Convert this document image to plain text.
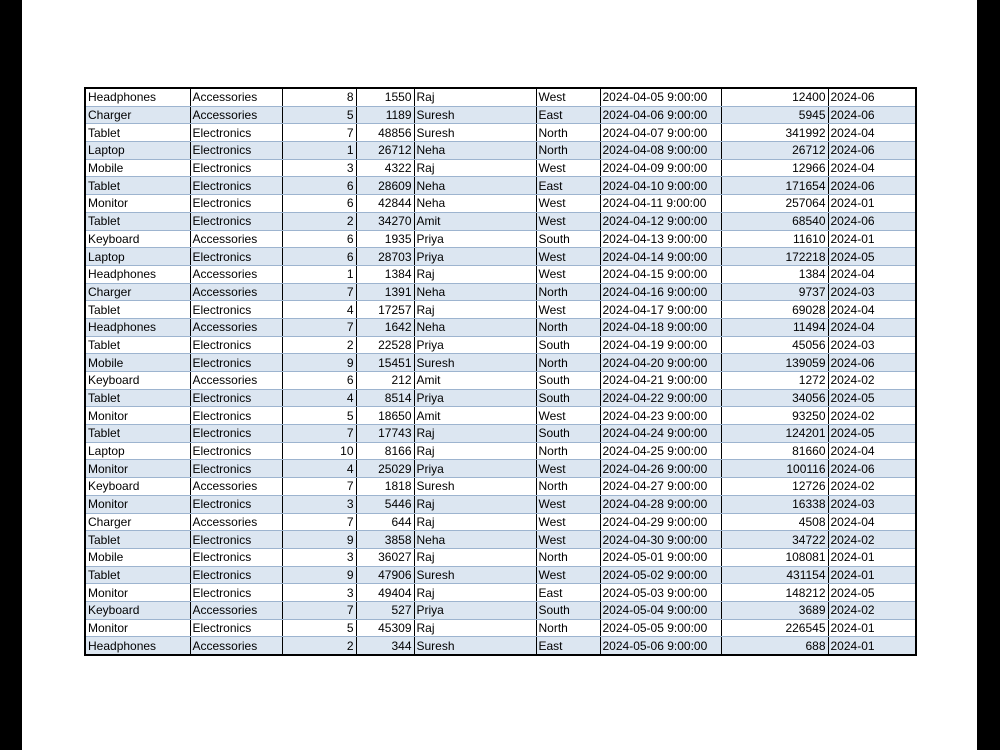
Headphones	Accessories	8	1550	Raj	West	2024-04-05 9:00:00	12400	2024-06
Charger	Accessories	5	1189	Suresh	East	2024-04-06 9:00:00	5945	2024-06
Tablet	Electronics	7	48856	Suresh	North	2024-04-07 9:00:00	341992	2024-04
Laptop	Electronics	1	26712	Neha	North	2024-04-08 9:00:00	26712	2024-06
Mobile	Electronics	3	4322	Raj	West	2024-04-09 9:00:00	12966	2024-04
Tablet	Electronics	6	28609	Neha	East	2024-04-10 9:00:00	171654	2024-06
Monitor	Electronics	6	42844	Neha	West	2024-04-11 9:00:00	257064	2024-01
Tablet	Electronics	2	34270	Amit	West	2024-04-12 9:00:00	68540	2024-06
Keyboard	Accessories	6	1935	Priya	South	2024-04-13 9:00:00	11610	2024-01
Laptop	Electronics	6	28703	Priya	West	2024-04-14 9:00:00	172218	2024-05
Headphones	Accessories	1	1384	Raj	West	2024-04-15 9:00:00	1384	2024-04
Charger	Accessories	7	1391	Neha	North	2024-04-16 9:00:00	9737	2024-03
Tablet	Electronics	4	17257	Raj	West	2024-04-17 9:00:00	69028	2024-04
Headphones	Accessories	7	1642	Neha	North	2024-04-18 9:00:00	11494	2024-04
Tablet	Electronics	2	22528	Priya	South	2024-04-19 9:00:00	45056	2024-03
Mobile	Electronics	9	15451	Suresh	North	2024-04-20 9:00:00	139059	2024-06
Keyboard	Accessories	6	212	Amit	South	2024-04-21 9:00:00	1272	2024-02
Tablet	Electronics	4	8514	Priya	South	2024-04-22 9:00:00	34056	2024-05
Monitor	Electronics	5	18650	Amit	West	2024-04-23 9:00:00	93250	2024-02
Tablet	Electronics	7	17743	Raj	South	2024-04-24 9:00:00	124201	2024-05
Laptop	Electronics	10	8166	Raj	North	2024-04-25 9:00:00	81660	2024-04
Monitor	Electronics	4	25029	Priya	West	2024-04-26 9:00:00	100116	2024-06
Keyboard	Accessories	7	1818	Suresh	North	2024-04-27 9:00:00	12726	2024-02
Monitor	Electronics	3	5446	Raj	West	2024-04-28 9:00:00	16338	2024-03
Charger	Accessories	7	644	Raj	West	2024-04-29 9:00:00	4508	2024-04
Tablet	Electronics	9	3858	Neha	West	2024-04-30 9:00:00	34722	2024-02
Mobile	Electronics	3	36027	Raj	North	2024-05-01 9:00:00	108081	2024-01
Tablet	Electronics	9	47906	Suresh	West	2024-05-02 9:00:00	431154	2024-01
Monitor	Electronics	3	49404	Raj	East	2024-05-03 9:00:00	148212	2024-05
Keyboard	Accessories	7	527	Priya	South	2024-05-04 9:00:00	3689	2024-02
Monitor	Electronics	5	45309	Raj	North	2024-05-05 9:00:00	226545	2024-01
Headphones	Accessories	2	344	Suresh	East	2024-05-06 9:00:00	688	2024-01
